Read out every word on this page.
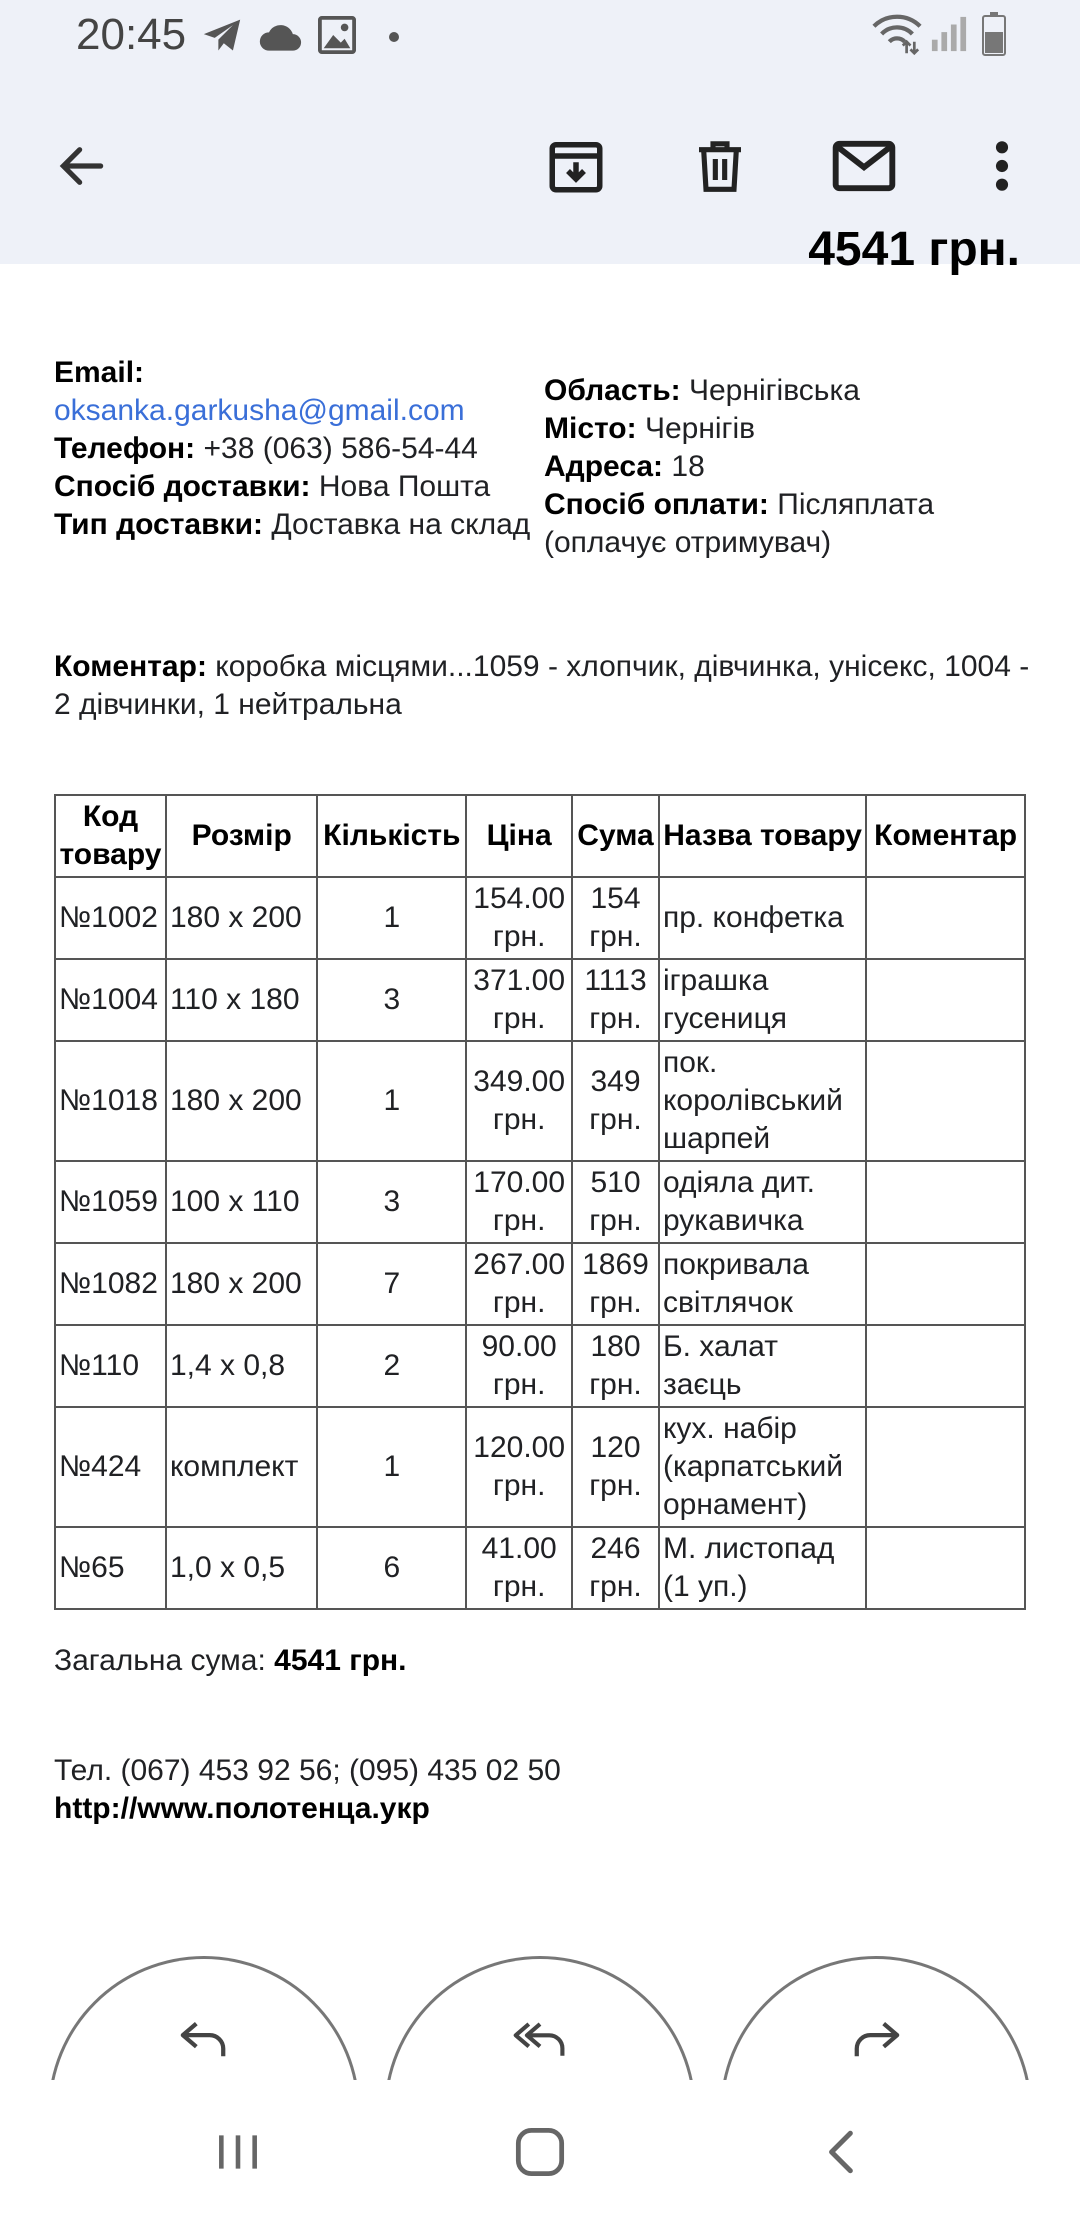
20:45
4541 грн.
Email:
oksanka.garkusha@gmail.com
Телефон: +38 (063) 586-54-44
Спосіб доставки: Нова Пошта
Тип доставки: Доставка на склад
Область: Чернігівська
Місто: Чернігів
Адреса: 18
Спосіб оплати: Післяплата (оплачує отримувач)
Коментар: коробка місцями...1059 - хлопчик, дівчинка, унісекс, 1004 - 2 дівчинки, 1 нейтральна
Код товару	Розмір	Кількість	Ціна	Сума	Назва товару	Коментар
№1002	180 x 200	1	154.00 грн.	154 грн.	пр. конфетка	
№1004	110 x 180	3	371.00 грн.	1113 грн.	іграшка гусениця	
№1018	180 x 200	1	349.00 грн.	349 грн.	пок. королівський шарпей	
№1059	100 x 110	3	170.00 грн.	510 грн.	одіяла дит. рукавичка	
№1082	180 x 200	7	267.00 грн.	1869 грн.	покривала світлячок	
№110	1,4 x 0,8	2	90.00 грн.	180 грн.	Б. халат заєць	
№424	комплект	1	120.00 грн.	120 грн.	кух. набір (карпатський орнамент)	
№65	1,0 x 0,5	6	41.00 грн.	246 грн.	М. листопад (1 уп.)	
Загальна сума: 4541 грн.
Тел. (067) 453 92 56; (095) 435 02 50
http://www.полотенца.укр
